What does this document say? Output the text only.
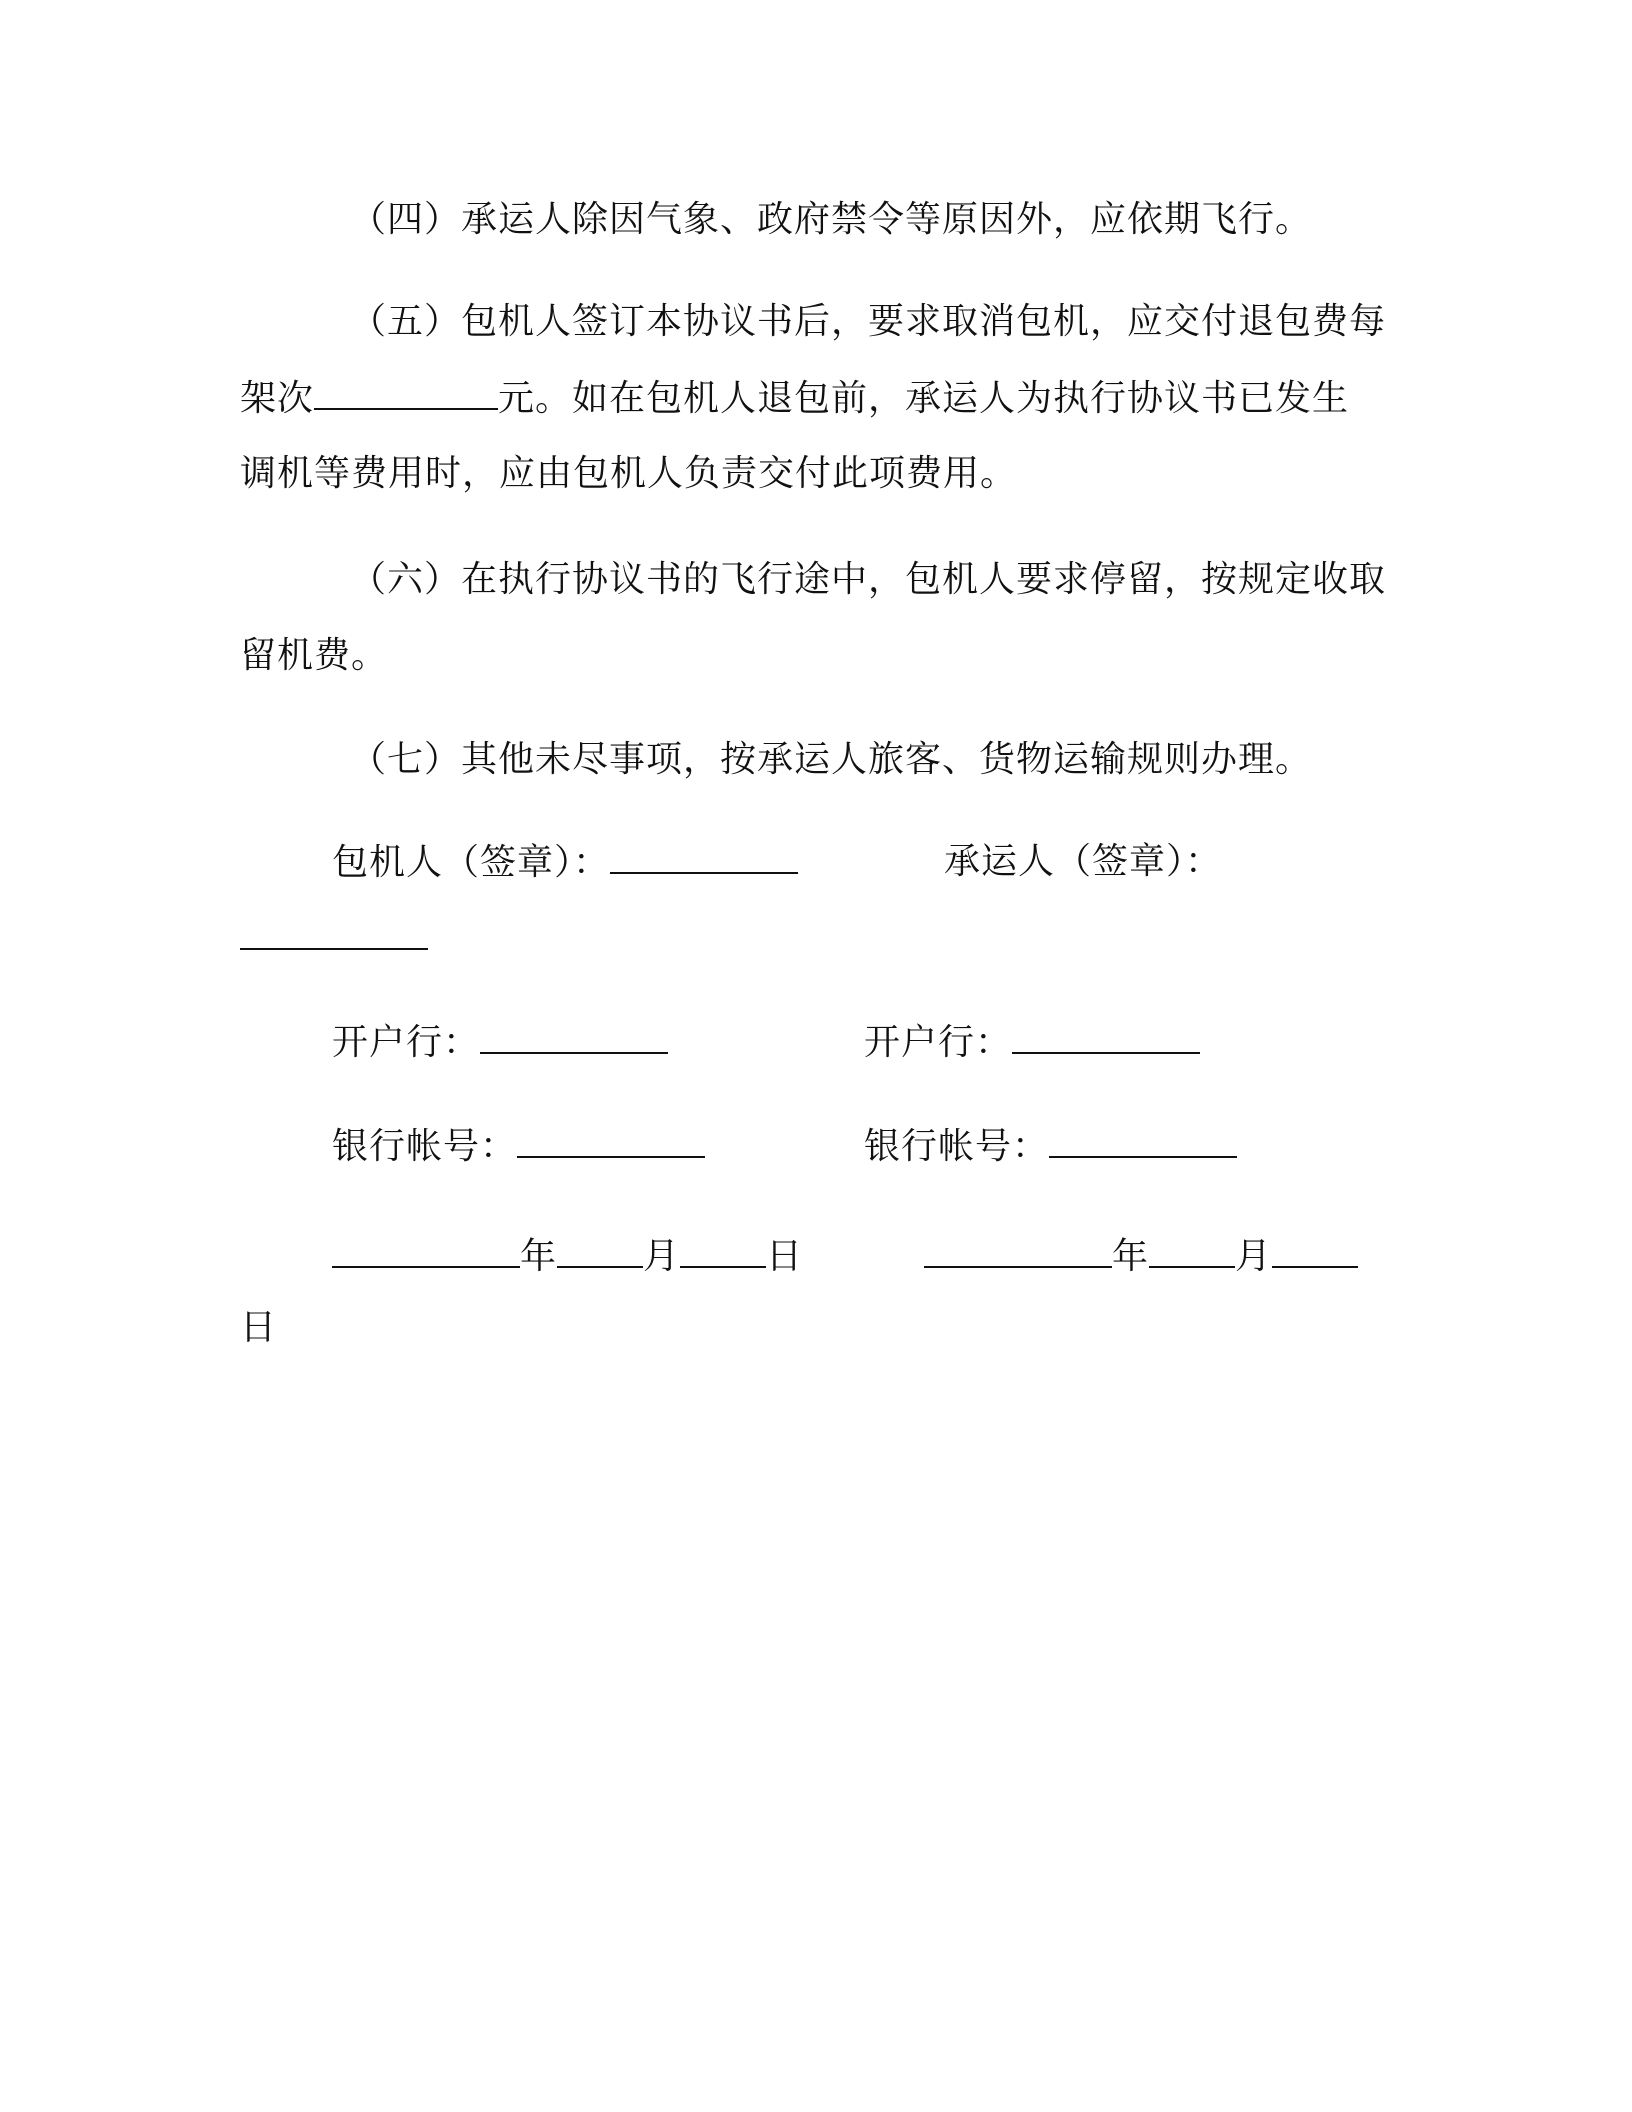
（四）承运人除因气象、政府禁令等原因外，应依期飞行。
（五）包机人签订本协议书后，要求取消包机，应交付退包费每
架次	元。如在包机人退包前，承运人为执行协议书已发生
调机等费用时，应由包机人负责交付此项费用。
（六）在执行协议书的飞行途中，包机人要求停留，按规定收取
留机费。
（七）其他未尽事项，按承运人旅客、货物运输规则办理。
包机人（签章）：	承运人（签章）：
开户行：	开户行：
银行帐号：	银行帐号：
年 月 日	年 月
日
